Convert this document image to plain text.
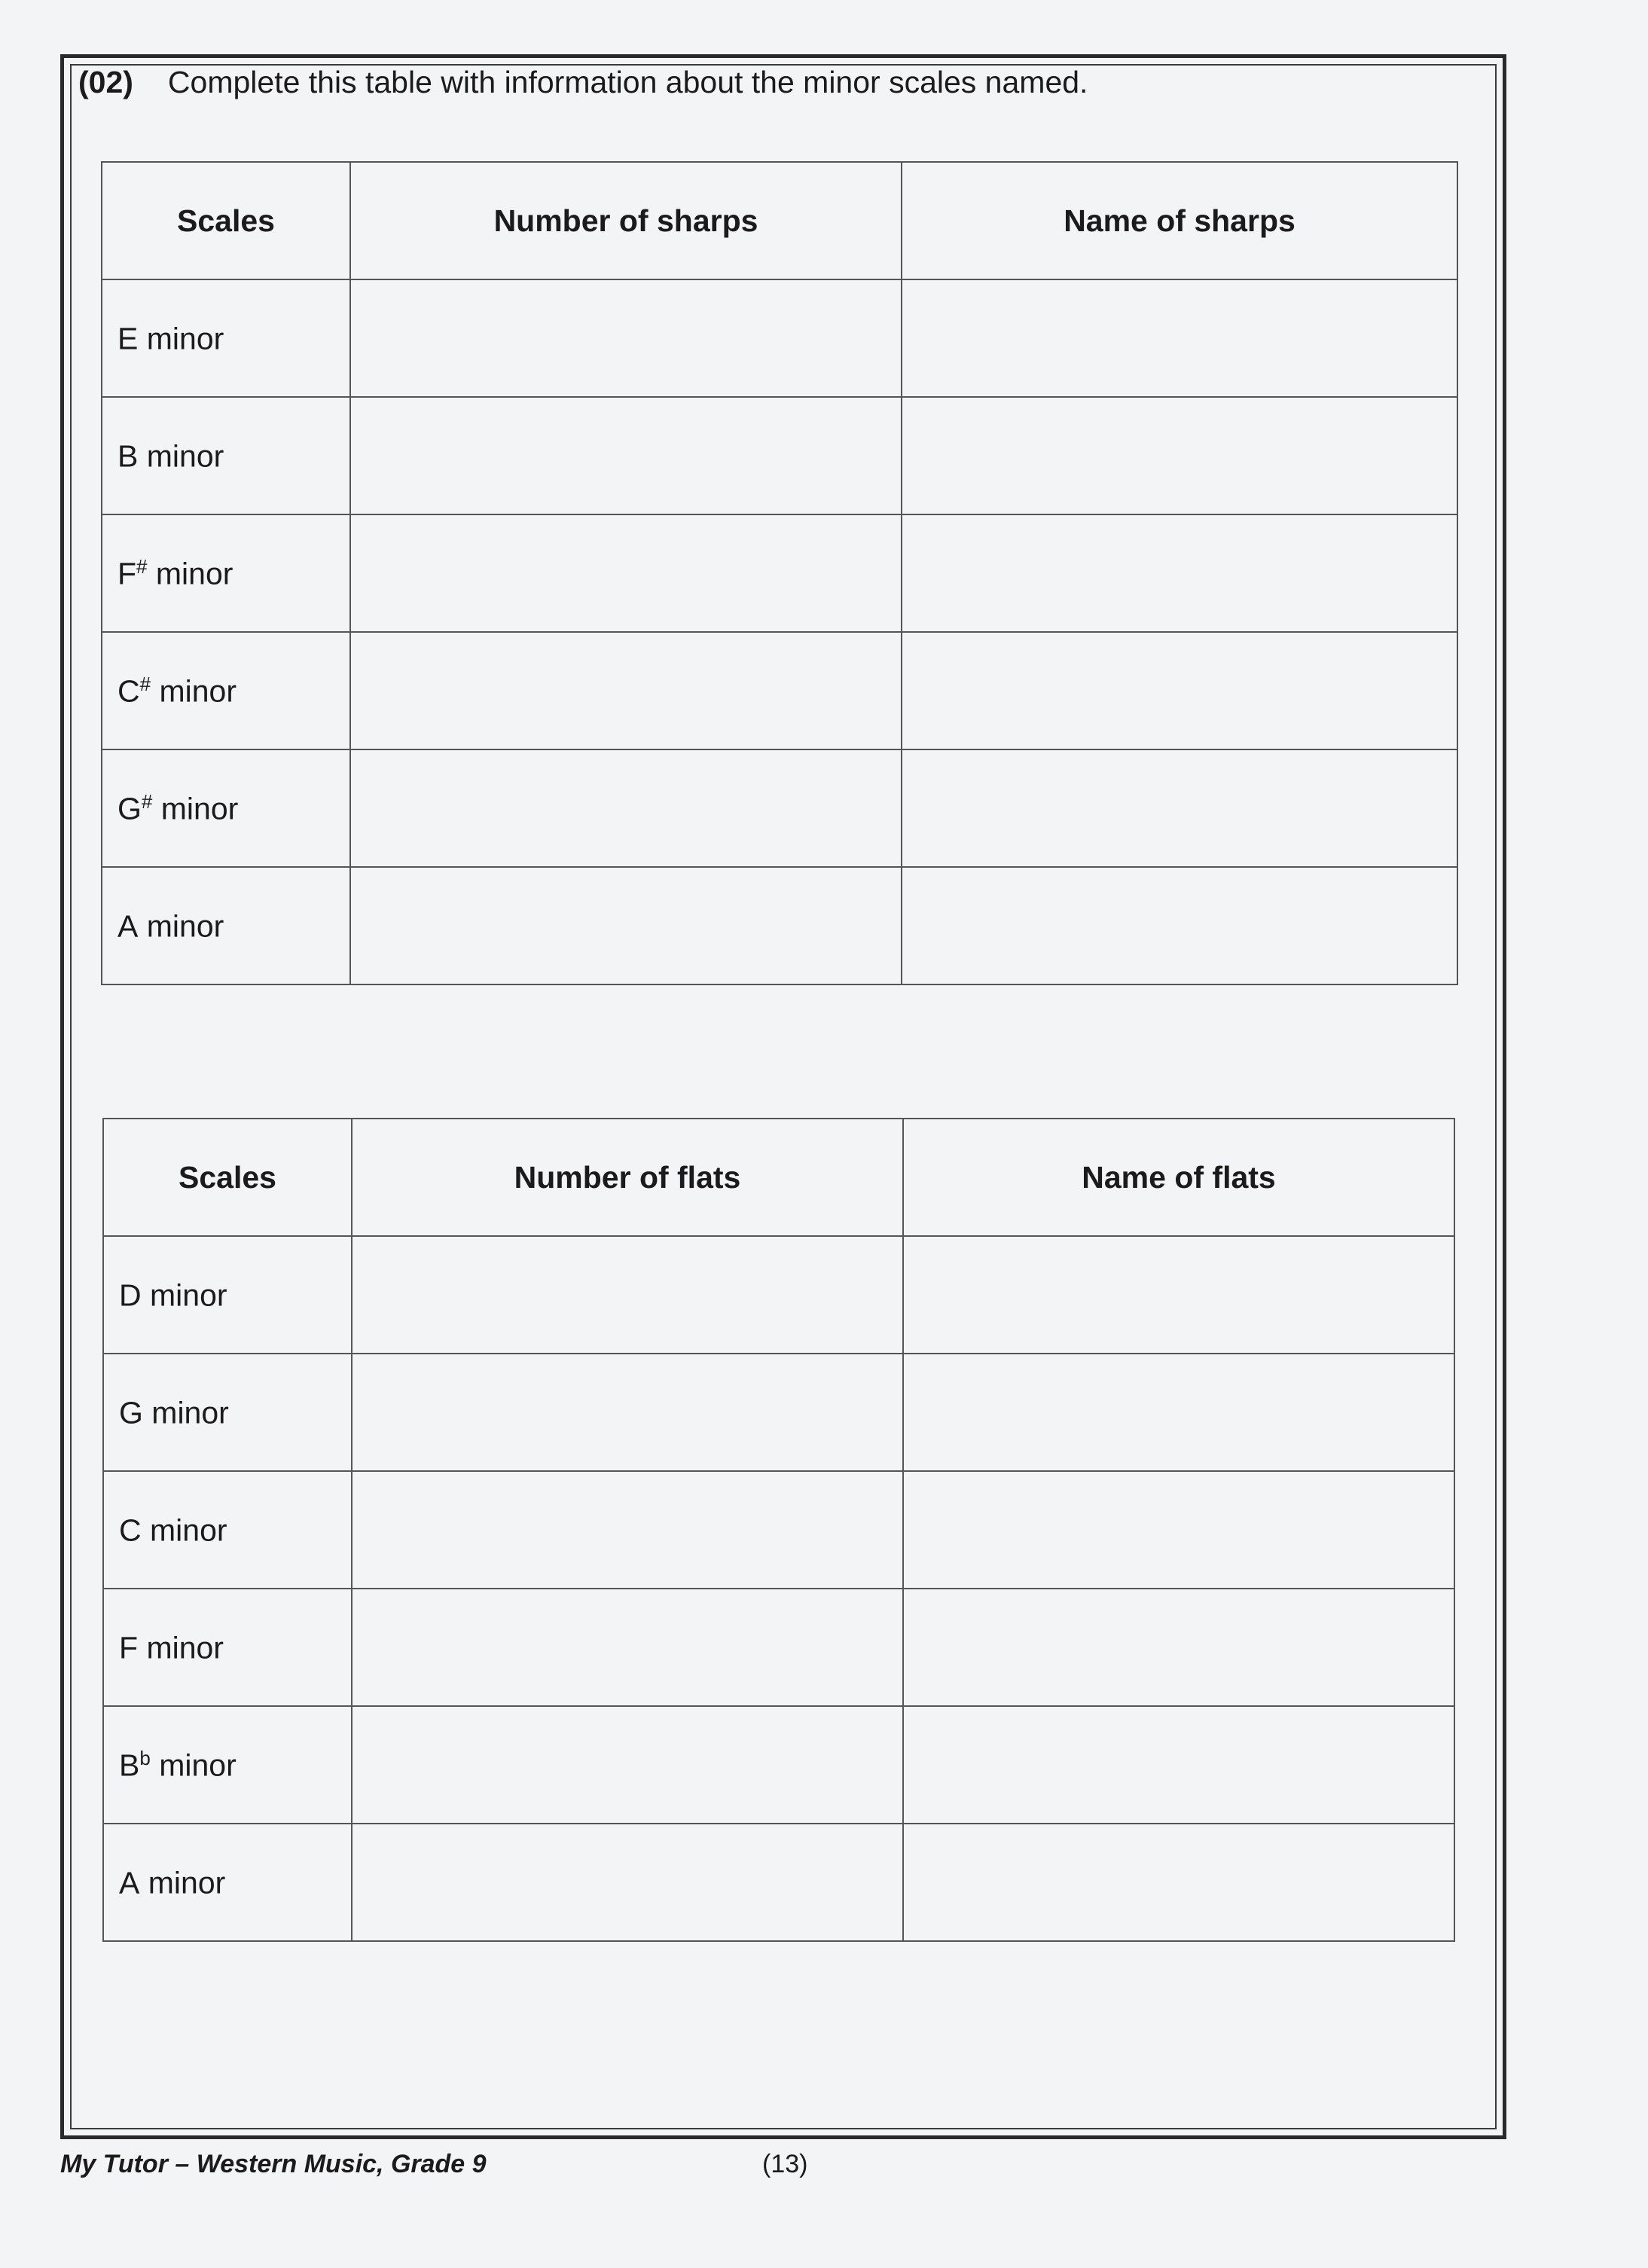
(02) Complete this table with information about the minor scales named.
Scales	Number of sharps	Name of sharps
E minor		
B minor		
F# minor		
C# minor		
G# minor		
A minor		
Scales	Number of flats	Name of flats
D minor		
G minor		
C minor		
F minor		
$B^b$ minor		
A minor		
My Tutor – Western Music, Grade 9	(13)
